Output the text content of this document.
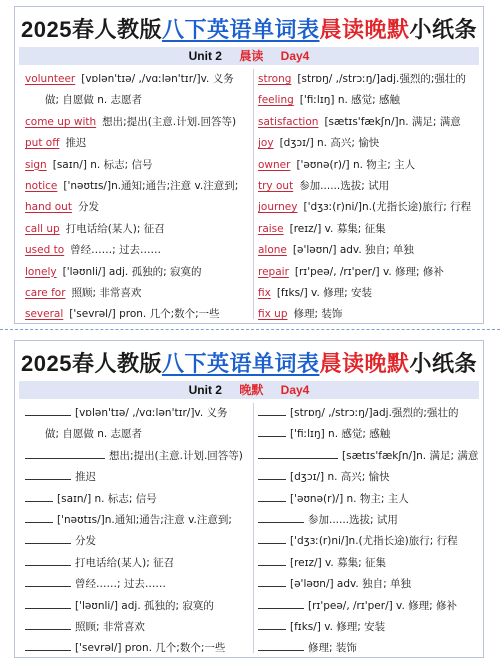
2025春人教版八下英语单词表晨读晚默小纸条
Unit 2 晨读 Day4
volunteer [vɒlən'tɪə/ ,/vɑːlən'tɪr/]v. 义务
做; 自愿做 n. 志愿者
come up with 想出;提出(主意.计划.回答等)
put off 推迟
sign [saɪn/] n. 标志; 信号
notice ['nəʊtɪs/]n.通知;通告;注意 v.注意到;
hand out 分发
call up 打电话给(某人); 征召
used to 曾经……; 过去……
lonely ['ləʊnli/] adj. 孤独的; 寂寞的
care for 照顾; 非常喜欢
several ['sevrəl/] pron. 几个;数个;一些
strong [strɒŋ/ ,/strɔːŋ/]adj.强烈的;强壮的
feeling ['fiːlɪŋ] n. 感觉; 感触
satisfaction [sætɪs'fækʃn/]n. 满足; 满意
joy [dʒɔɪ/] n. 高兴; 愉快
owner ['əʊnə(r)/] n. 物主; 主人
try out 参加......选拔; 试用
journey ['dʒɜː(r)ni/]n.(尤指长途)旅行; 行程
raise [reɪz/] v. 募集; 征集
alone [ə'ləʊn/] adv. 独自; 单独
repair [rɪ'peə/, /rɪ'per/] v. 修理; 修补
fix [fɪks/] v. 修理; 安装
fix up 修理; 装饰
2025春人教版八下英语单词表晨读晚默小纸条
Unit 2 晚默 Day4
[vɒlən'tɪə/ ,/vɑːlən'tɪr/]v. 义务
做; 自愿做 n. 志愿者
想出;提出(主意.计划.回答等)
推迟
[saɪn/] n. 标志; 信号
['nəʊtɪs/]n.通知;通告;注意 v.注意到;
分发
打电话给(某人); 征召
曾经……; 过去……
['ləʊnli/] adj. 孤独的; 寂寞的
照顾; 非常喜欢
['sevrəl/] pron. 几个;数个;一些
[strɒŋ/ ,/strɔːŋ/]adj.强烈的;强壮的
['fiːlɪŋ] n. 感觉; 感触
[sætɪs'fækʃn/]n. 满足; 满意
[dʒɔɪ/] n. 高兴; 愉快
['əʊnə(r)/] n. 物主; 主人
参加......选拔; 试用
['dʒɜː(r)ni/]n.(尤指长途)旅行; 行程
[reɪz/] v. 募集; 征集
[ə'ləʊn/] adv. 独自; 单独
[rɪ'peə/, /rɪ'per/] v. 修理; 修补
[fɪks/] v. 修理; 安装
修理; 装饰
